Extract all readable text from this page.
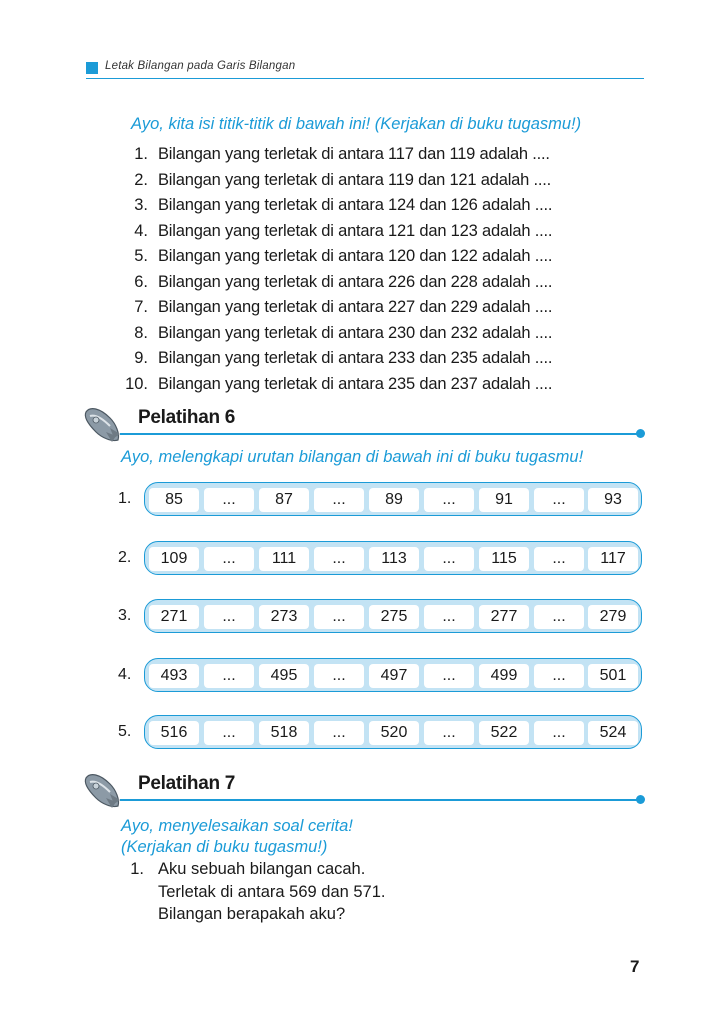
Letak Bilangan pada Garis Bilangan
Ayo, kita isi titik-titik di bawah ini! (Kerjakan di buku tugasmu!)
1. Bilangan yang terletak di antara 117 dan 119 adalah ....
2. Bilangan yang terletak di antara 119 dan 121 adalah ....
3. Bilangan yang terletak di antara 124 dan 126 adalah ....
4. Bilangan yang terletak di antara 121 dan 123 adalah ....
5. Bilangan yang terletak di antara 120 dan 122 adalah ....
6. Bilangan yang terletak di antara 226 dan 228 adalah ....
7. Bilangan yang terletak di antara 227 dan 229 adalah ....
8. Bilangan yang terletak di antara 230 dan 232 adalah ....
9. Bilangan yang terletak di antara 233 dan 235 adalah ....
10. Bilangan yang terletak di antara 235 dan 237 adalah ....
Pelatihan 6
Ayo, melengkapi urutan bilangan di bawah ini di buku tugasmu!
1.	85	...	87	...	89	...	91	...	93
2.	109	...	111	...	113	...	115	...	117
3.	271	...	273	...	275	...	277	...	279
4.	493	...	495	...	497	...	499	...	501
5.	516	...	518	...	520	...	522	...	524
Pelatihan 7
Ayo, menyelesaikan soal cerita!
(Kerjakan di buku tugasmu!)
1. Aku sebuah bilangan cacah.
Terletak di antara 569 dan 571.
Bilangan berapakah aku?
7
